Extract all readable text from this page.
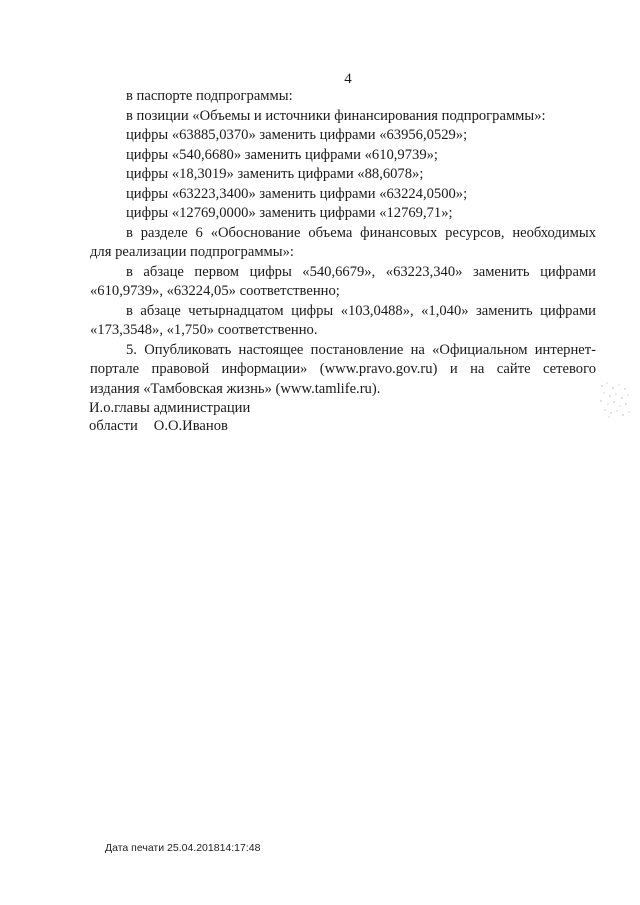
4
в паспорте подпрограммы:
в позиции «Объемы и источники финансирования подпрограммы»:
цифры «63885,0370» заменить цифрами «63956,0529»;
цифры «540,6680» заменить цифрами «610,9739»;
цифры «18,3019» заменить цифрами «88,6078»;
цифры «63223,3400» заменить цифрами «63224,0500»;
цифры «12769,0000» заменить цифрами «12769,71»;
в разделе 6 «Обоснование объема финансовых ресурсов, необходимых
для реализации подпрограммы»:
в абзаце первом цифры «540,6679», «63223,340» заменить цифрами
«610,9739», «63224,05» соответственно;
в абзаце четырнадцатом цифры «103,0488», «1,040» заменить цифрами
«173,3548», «1,750» соответственно.
5. Опубликовать настоящее постановление на «Официальном интернет-
портале правовой информации» (www.pravo.gov.ru) и на сайте сетевого
издания «Тамбовская жизнь» (www.tamlife.ru).
И.о.главы администрации
области О.О.Иванов
Дата печати 25.04.201814:17:48
